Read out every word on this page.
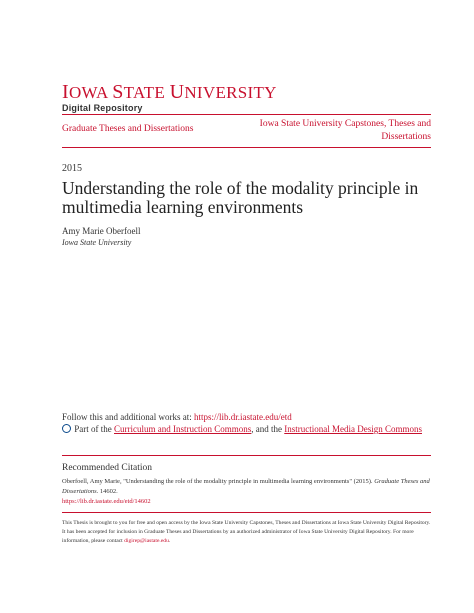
IOWA STATE UNIVERSITY
Digital Repository
Graduate Theses and Dissertations	Iowa State University Capstones, Theses and Dissertations
2015
Understanding the role of the modality principle in multimedia learning environments
Amy Marie Oberfoell
Iowa State University
Follow this and additional works at: https://lib.dr.iastate.edu/etd
Part of the Curriculum and Instruction Commons, and the Instructional Media Design Commons
Recommended Citation
Oberfoell, Amy Marie, "Understanding the role of the modality principle in multimedia learning environments" (2015). Graduate Theses and Dissertations. 14602.
https://lib.dr.iastate.edu/etd/14602
This Thesis is brought to you for free and open access by the Iowa State University Capstones, Theses and Dissertations at Iowa State University Digital Repository. It has been accepted for inclusion in Graduate Theses and Dissertations by an authorized administrator of Iowa State University Digital Repository. For more information, please contact digirep@iastate.edu.
